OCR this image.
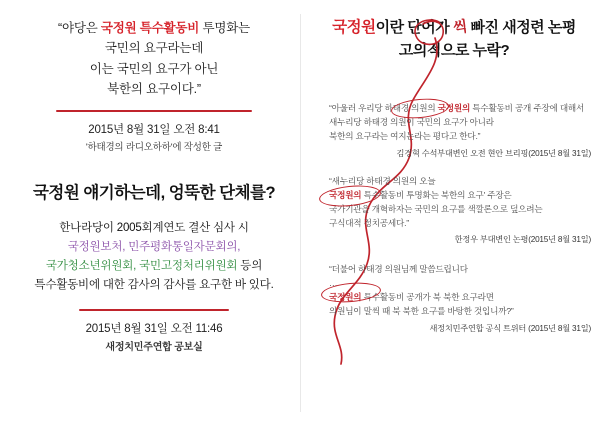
“야당은 국정원 특수활동비 투명화는
국민의 요구라는데
이는 국민의 요구가 아닌
북한의 요구이다.”
2015년 8월 31일 오전 8:41
'하태경의 라디오하하'에 작성한 글
국정원 얘기하는데, 엉뚝한 단체를?
한나라당이 2005회계연도 결산 심사 시
국정원보처, 민주평화통일자문회의,
국가청소년위원회, 국민고정처리위원회 등의
특수활동비에 대한 감사의 감사를 요구한 바 있다.
2015년 8월 31일 오전 11:46
새정치민주연합 공보실
국정원이란 단어가 씩 빠진 새정련 논평
고의적으로 누락?
“아울러 우리당 하태경 의원의 국정원의 특수활동비 공개 주장에 대해서
새누리당 하태경 의원이 국민의 요구가 아니라
북한의 요구라는 여지논라는 평다고 한다.”
김경혁 수석부대변인 오전 현안 브리핑(2015년 8월 31일)
“새누리당 하태경 의원의 오늘
국정원의 특수활동비 투명화는 북한의 요구' 주장은
국가기관을 개혁하자는 국민의 요구를 색깔론으로 덮으려는
구식대적 정치공세다.”
한정우 부대변인 논평(2015년 8월 31일)
“더불어 하태경 의원님께 말씀드립니다
…
국정원의 특수활동비 공개가 북 북한 요구라면
의원님이 말씩 때 북 북한 요구를 바탕한 것입니까?”
새정치민주연합 공식 트위터 (2015년 8월 31일)
